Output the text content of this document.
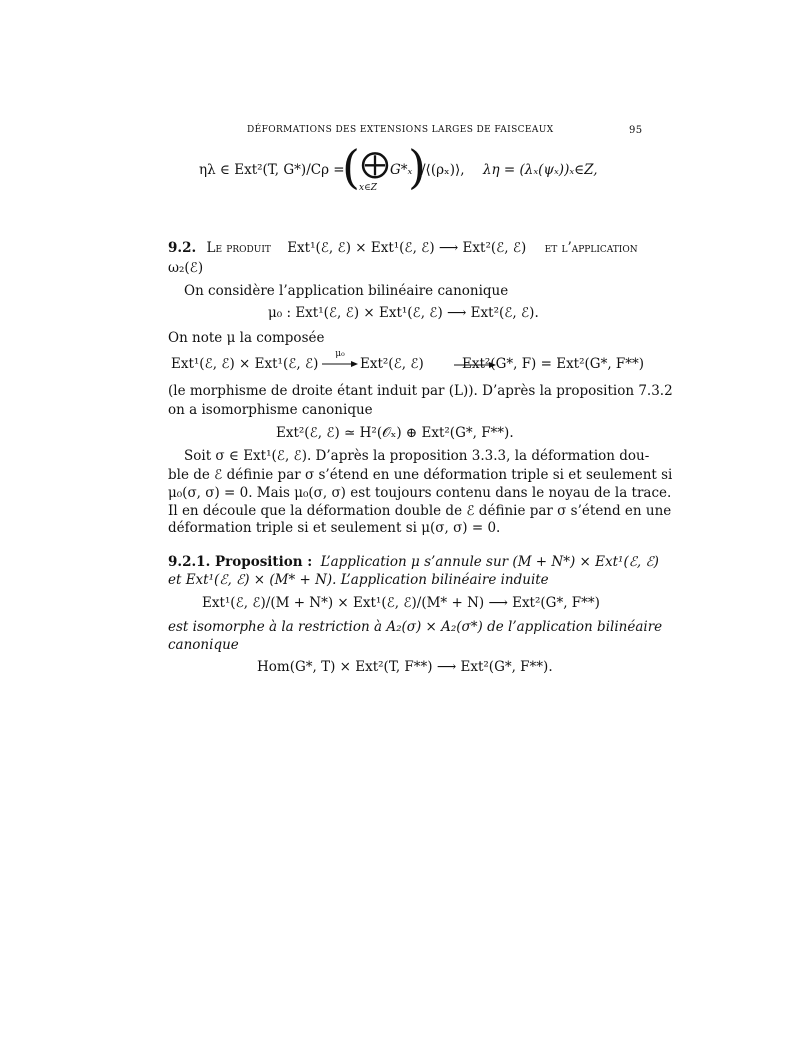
DÉFORMATIONS DES EXTENSIONS LARGES DE FAISCEAUX	95
ηλ ∈ Ext²(T, G*)/Cρ =
( ⨁
x∈Z
G*ₓ
)
/⟨(ρₓ)⟩, λη = (λₓ(ψₓ))ₓ∈Z,
9.2. Le produit Ext¹(ℰ, ℰ) × Ext¹(ℰ, ℰ) ⟶ Ext²(ℰ, ℰ) et l’application
ω₂(ℰ)
On considère l’application bilinéaire canonique
μ₀ : Ext¹(ℰ, ℰ) × Ext¹(ℰ, ℰ) ⟶ Ext²(ℰ, ℰ).
On note μ la composée
Ext¹(ℰ, ℰ) × Ext¹(ℰ, ℰ)
μ₀
Ext²(ℰ, ℰ)	Ext²(G*, F) = Ext²(G*, F**)
(le morphisme de droite étant induit par (L)). D’après la proposition 7.3.2
on a isomorphisme canonique
Ext²(ℰ, ℰ) ≃ H²(𝒪ₓ) ⊕ Ext²(G*, F**).
Soit σ ∈ Ext¹(ℰ, ℰ). D’après la proposition 3.3.3, la déformation dou-
ble de ℰ définie par σ s’étend en une déformation triple si et seulement si
μ₀(σ, σ) = 0. Mais μ₀(σ, σ) est toujours contenu dans le noyau de la trace.
Il en découle que la déformation double de ℰ définie par σ s’étend en une
déformation triple si et seulement si μ(σ, σ) = 0.
9.2.1. Proposition : L’application μ s’annule sur (M + N*) × Ext¹(ℰ, ℰ)
et Ext¹(ℰ, ℰ) × (M* + N). L’application bilinéaire induite
Ext¹(ℰ, ℰ)/(M + N*) × Ext¹(ℰ, ℰ)/(M* + N) ⟶ Ext²(G*, F**)
est isomorphe à la restriction à A₂(σ) × A₂(σ*) de l’application bilinéaire
canonique
Hom(G*, T) × Ext²(T, F**) ⟶ Ext²(G*, F**).
